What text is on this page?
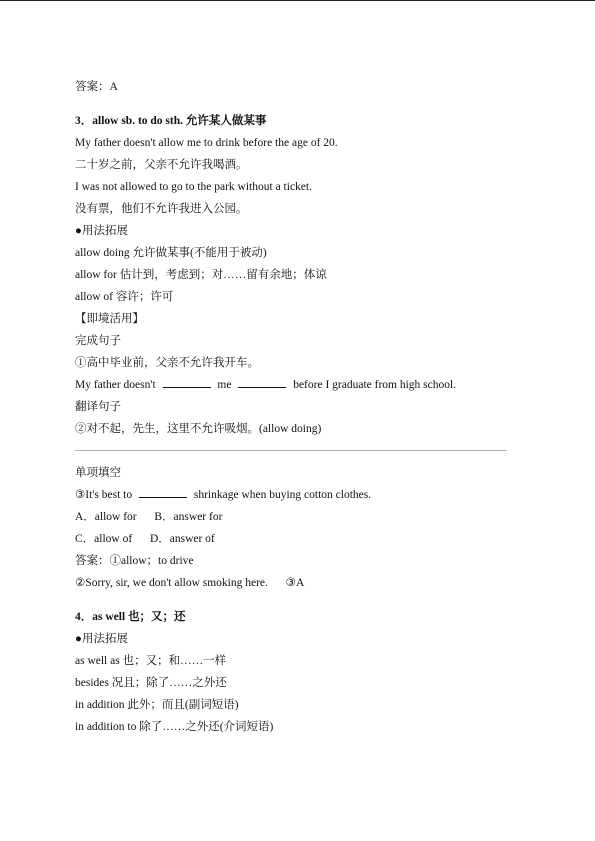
答案：A
3．allow sb. to do sth. 允许某人做某事
My father doesn't allow me to drink before the age of 20.
二十岁之前，父亲不允许我喝酒。
I was not allowed to go to the park without a ticket.
没有票，他们不允许我进入公园。
●用法拓展
allow doing 允许做某事(不能用于被动)
allow for 估计到，考虑到；对……留有余地；体谅
allow of 容许；许可
【即境活用】
完成句子
①高中毕业前，父亲不允许我开车。
My father doesn't	me	before I graduate from high school.
翻译句子
②对不起，先生，这里不允许吸烟。(allow doing)
单项填空
③It's best to	shrinkage when buying cotton clothes.
A．allow for B．answer for
C．allow of D．answer of
答案：①allow；to drive
②Sorry, sir, we don't allow smoking here. ③A
4．as well 也；又；还
●用法拓展
as well as 也；又；和……一样
besides 况且；除了……之外还
in addition 此外；而且(副词短语)
in addition to 除了……之外还(介词短语)
